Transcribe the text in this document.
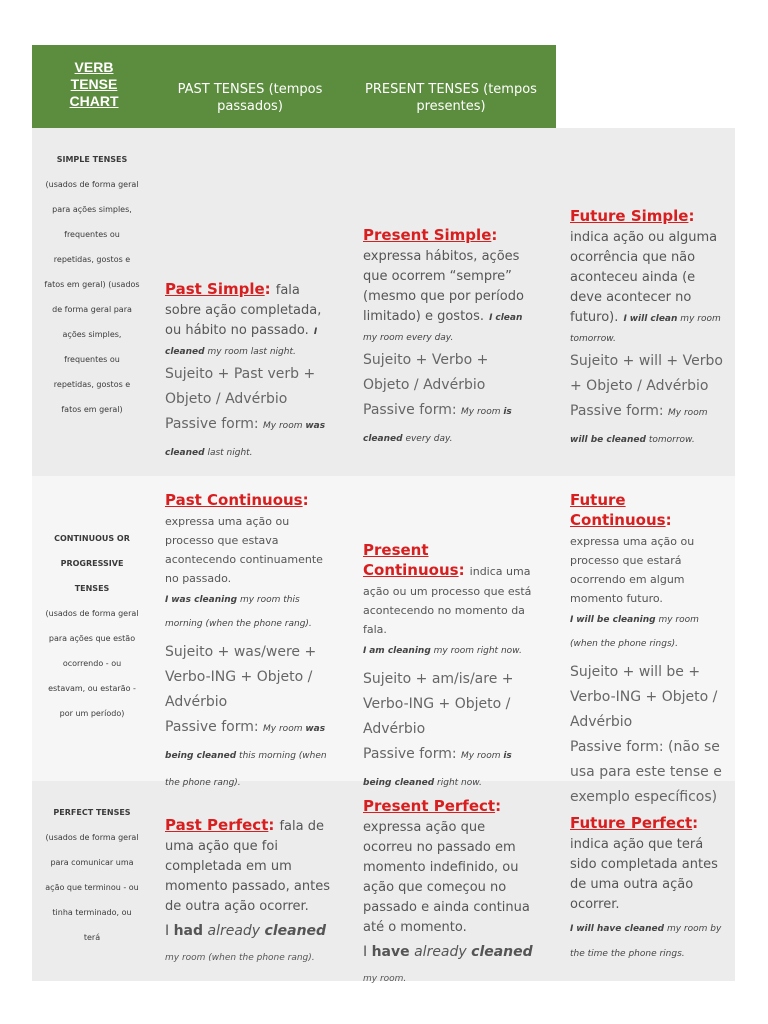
VERB
TENSE
CHART
PAST TENSES (tempos passados)
PRESENT TENSES (tempos presentes)
SIMPLE TENSES
(usados de forma geral para ações simples, frequentes ou repetidas, gostos e fatos em geral) (usados de forma geral para ações simples, frequentes ou repetidas, gostos e fatos em geral)
Past Simple: fala sobre ação completada, ou hábito no passado. I cleaned my room last night.
Sujeito + Past verb + Objeto / Advérbio
Passive form: My room was cleaned last night.
Present Simple: expressa hábitos, ações que ocorrem “sempre” (mesmo que por período limitado) e gostos. I clean my room every day.
Sujeito + Verbo + Objeto / Advérbio
Passive form: My room is cleaned every day.
Future Simple: indica ação ou alguma ocorrência que não aconteceu ainda (e deve acontecer no futuro). I will clean my room tomorrow.
Sujeito + will + Verbo + Objeto / Advérbio
Passive form: My room will be cleaned tomorrow.
CONTINUOUS OR PROGRESSIVE TENSES
(usados de forma geral para ações que estão ocorrendo - ou estavam, ou estarão - por um período)
Past Continuous: expressa uma ação ou processo que estava acontecendo continuamente no passado.
I was cleaning my room this morning (when the phone rang).
Sujeito + was/were + Verbo-ING + Objeto / Advérbio
Passive form: My room was being cleaned this morning (when the phone rang).
Present Continuous: indica uma ação ou um processo que está acontecendo no momento da fala.
I am cleaning my room right now.
Sujeito + am/is/are + Verbo-ING + Objeto / Advérbio
Passive form: My room is being cleaned right now.
Future Continuous: expressa uma ação ou processo que estará ocorrendo em algum momento futuro.
I will be cleaning my room (when the phone rings).
Sujeito + will be + Verbo-ING + Objeto / Advérbio
Passive form: (não se usa para este tense e exemplo específicos)
PERFECT TENSES
(usados de forma geral para comunicar uma ação que terminou - ou tinha terminado, ou terá
Past Perfect: fala de uma ação que foi completada em um momento passado, antes de outra ação ocorrer.
I had already cleaned my room (when the phone rang).
Present Perfect: expressa ação que ocorreu no passado em momento indefinido, ou ação que começou no passado e ainda continua até o momento.
I have already cleaned my room.
Future Perfect: indica ação que terá sido completada antes de uma outra ação ocorrer.
I will have cleaned my room by the time the phone rings.
